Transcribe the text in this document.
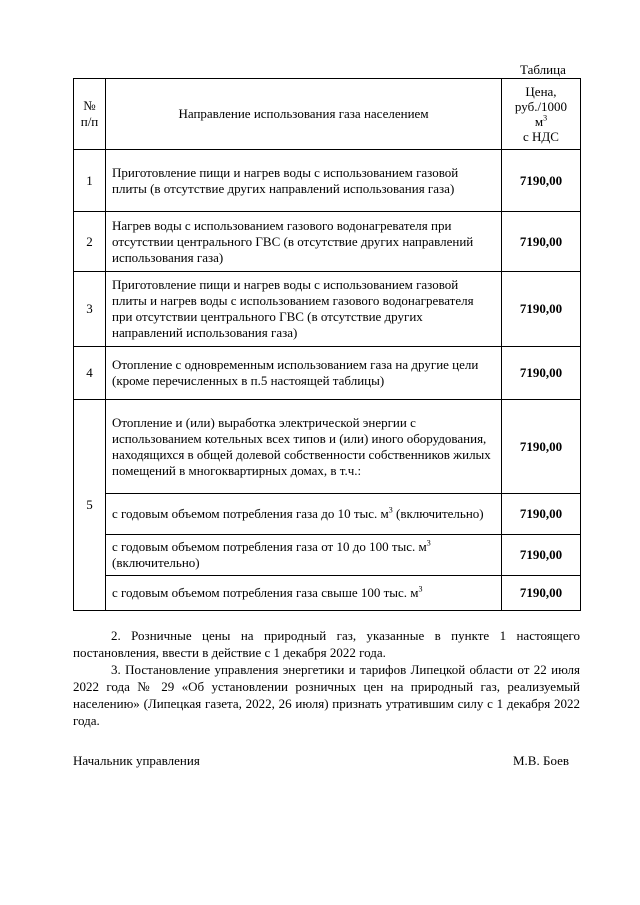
Таблица
№
п/п	Направление использования газа населением	Цена,
руб./1000
$м^3$
с НДС
1	Приготовление пищи и нагрев воды с использованием газовой плиты (в отсутствие других направлений использования газа)	7190,00
2	Нагрев воды с использованием газового водонагревателя при отсутствии центрального ГВС (в отсутствие других направлений использования газа)	7190,00
3	Приготовление пищи и нагрев воды с использованием газовой плиты и нагрев воды с использованием газового водонагревателя при отсутствии центрального ГВС (в отсутствие других направлений использования газа)	7190,00
4	Отопление с одновременным использованием газа на другие цели (кроме перечисленных в п.5 настоящей таблицы)	7190,00
5	Отопление и (или) выработка электрической энергии с использованием котельных всех типов и (или) иного оборудования, находящихся в общей долевой собственности собственников жилых помещений в многоквартирных домах, в т.ч.:	7190,00
	с годовым объемом потребления газа до 10 тыс. $м^3$ (включительно)	7190,00
	с годовым объемом потребления газа от 10 до 100 тыс. $м^3$ (включительно)	7190,00
	с годовым объемом потребления газа свыше 100 тыс. $м^3$	7190,00

2. Розничные цены на природный газ, указанные в пункте 1 настоящего постановления, ввести в действие с 1 декабря 2022 года.

3. Постановление управления энергетики и тарифов Липецкой области от 22 июля 2022 года № 29 «Об установлении розничных цен на природный газ, реализуемый населению» (Липецкая газета, 2022, 26 июля) признать утратившим силу с 1 декабря 2022 года.

Начальник управления	М.В. Боев
